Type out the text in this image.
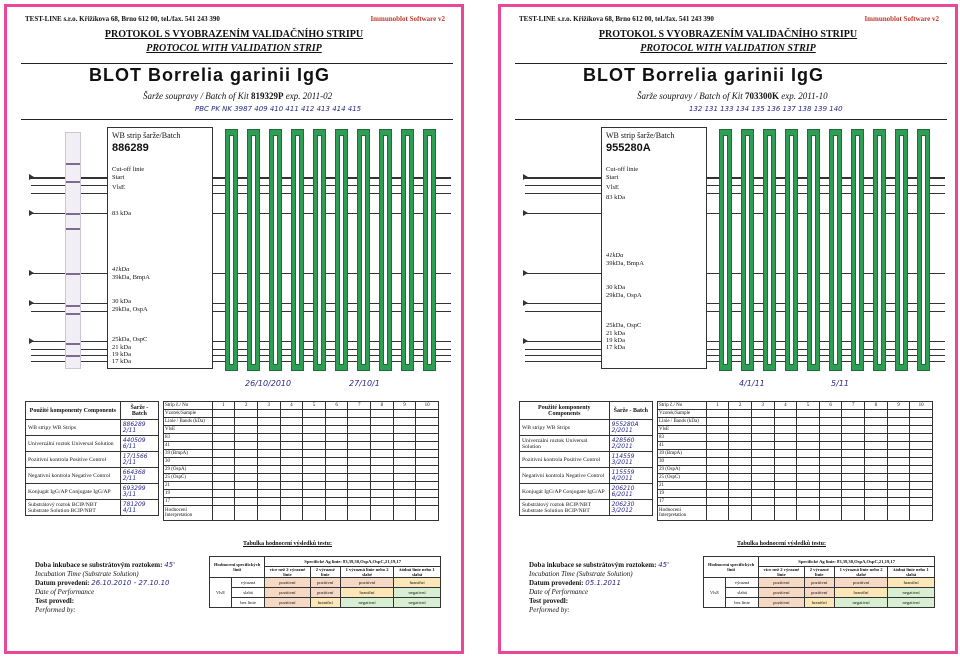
TEST-LINE s.r.o. Křižíkova 68, Brno 612 00, tel./fax. 541 243 390	Immunoblot Software v2
PROTOKOL S VYOBRAZENÍM VALIDAČNÍHO STRIPU
PROTOCOL WITH VALIDATION STRIP
BLOT Borrelia garinii IgG
Šarže soupravy / Batch of Kit 819329P exp. 2011-02
PBC PK NK 3987 409 410 411 412 413 414 415
WB strip šarže/Batch
886289
Cut-off linie
Start
VlsE
83 kDa
41kDa
39kDa, BmpA
30 kDa
29kDa, OspA
25kDa, OspC
21 kDa
19 kDa
17 kDa
26/10/2010	27/10/1
Použité komponenty Components	Šarže - Batch
WB stripy WB Strips	886289 2/11
Univerzální roztok Universal Solution	440509 6/11
Pozitivní kontrola Positive Control	17/1566 2/11
Negativní kontrola Negative Control	664368 2/11
Konjugát IgG/AP Conjugate IgG/AP	693299 3/11
Substrátový roztok BCIP/NBT Substrate Solution BCIP/NBT	781209 4/11
Strip č./ No	1	2	3	4	5	6	7	8	9	10
Vzorek/Sample										
Linie / Bands (kDa)										
VlsE										
83										
41										
39 (BmpA)										
30										
29 (OspA)										
25 (OspC)										
21										
19										
17										
Hodnocení Interpretation										
Tabulka hodnocení výsledků testu:
Doba inkubace se substrátovým roztokem: 45'
Incubation Time (Substrate Solution)
Datum provedení: 26.10.2010 - 27.10.10
Date of Performance
Test provedl:
Performed by:
Hodnocení specifických linií		Specifické Ag linie: 83,39,30,OspA,OspC,21,19,17			
		více než 2 výrazné linie	2 výrazné linie	1 výrazná linie nebo 2 slabé	žádná linie nebo 1 slabá
VlsE	výrazná	pozitivní	pozitivní	pozitivní	hraniční
	slabá	pozitivní	pozitivní	hraniční	negativní
	bez linie	pozitivní	hraniční	negativní	negativní
TEST-LINE s.r.o. Křižíkova 68, Brno 612 00, tel./fax. 541 243 390	Immunoblot Software v2
PROTOKOL S VYOBRAZENÍM VALIDAČNÍHO STRIPU
PROTOCOL WITH VALIDATION STRIP
BLOT Borrelia garinii IgG
Šarže soupravy / Batch of Kit 703300K exp. 2011-10
132 131 133 134 135 136 137 138 139 140
WB strip šarže/Batch
955280A
Cut-off linie
Start
VlsE
83 kDa
41kDa
39kDa, BmpA
30 kDa
29kDa, OspA
25kDa, OspC
21 kDa
19 kDa
17 kDa
4/1/11	5/11
Použité komponenty Components	Šarže - Batch
WB stripy WB Strips	955280A 2/2011
Univerzální roztok Universal Solution	428560 2/2011
Pozitivní kontrola Positive Control	114559 3/2011
Negativní kontrola Negative Control	115559 4/2011
Konjugát IgG/AP Conjugate IgG/AP	206210 6/2011
Substrátový roztok BCIP/NBT Substrate Solution BCIP/NBT	206230 3/2012
Strip č./ No	1	2	3	4	5	6	7	8	9	10
Vzorek/Sample										
Linie / Bands (kDa)										
VlsE										
83										
41										
39 (BmpA)										
30										
29 (OspA)										
25 (OspC)										
21										
19										
17										
Hodnocení Interpretation										
Tabulka hodnocení výsledků testu:
Doba inkubace se substrátovým roztokem: 45'
Incubation Time (Substrate Solution)
Datum provedení: 05.1.2011
Date of Performance
Test provedl:
Performed by:
Hodnocení specifických linií		Specifické Ag linie: 83,39,30,OspA,OspC,21,19,17			
		více než 2 výrazné linie	2 výrazné linie	1 výrazná linie nebo 2 slabé	žádná linie nebo 1 slabá
VlsE	výrazná	pozitivní	pozitivní	pozitivní	hraniční
	slabá	pozitivní	pozitivní	hraniční	negativní
	bez linie	pozitivní	hraniční	negativní	negativní
